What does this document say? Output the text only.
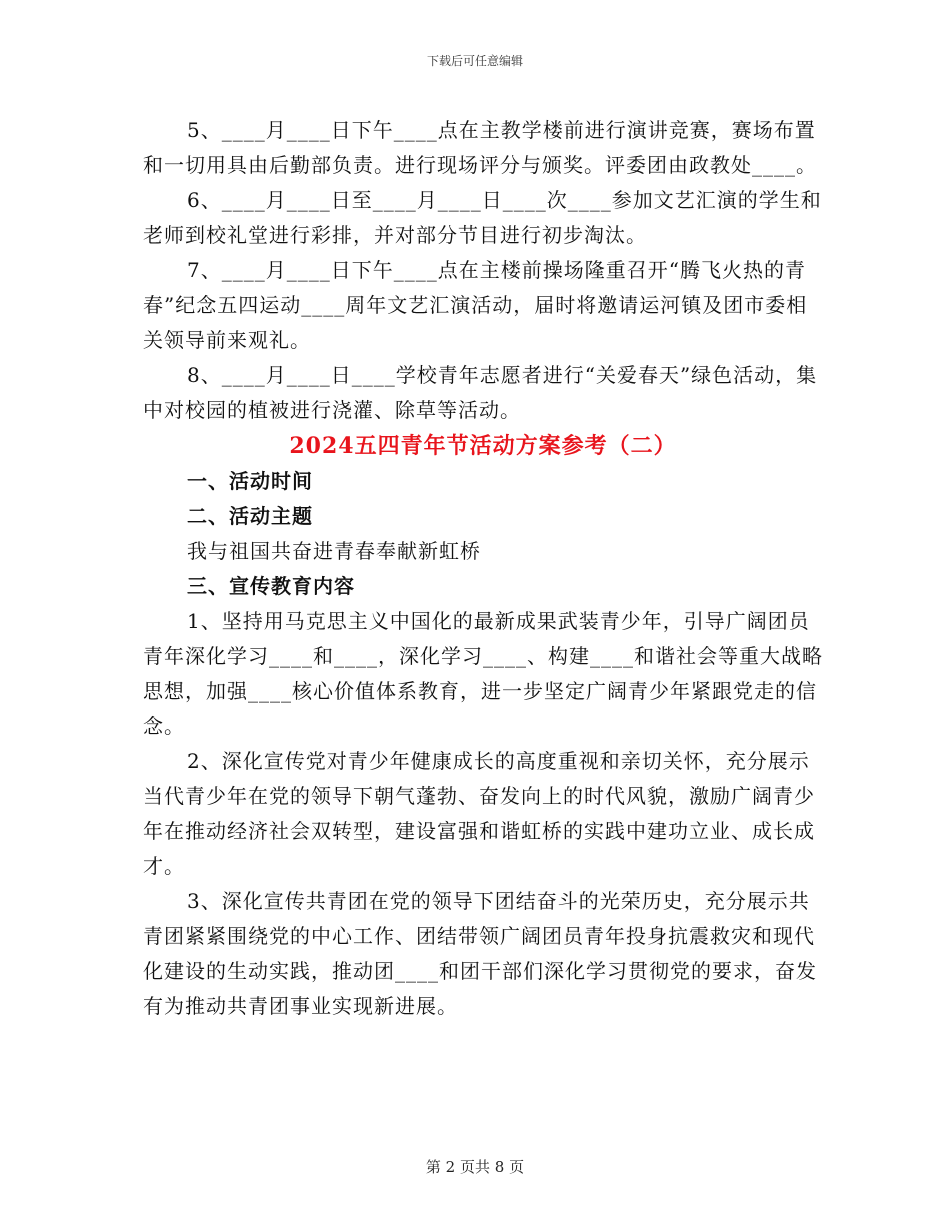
下载后可任意编辑

5、____月____日下午____点在主教学楼前进行演讲竞赛，赛场布置和一切用具由后勤部负责。进行现场评分与颁奖。评委团由政教处____。

6、____月____日至____月____日____次____参加文艺汇演的学生和老师到校礼堂进行彩排，并对部分节目进行初步淘汰。

7、____月____日下午____点在主楼前操场隆重召开“腾飞火热的青春”纪念五四运动____周年文艺汇演活动，届时将邀请运河镇及团市委相关领导前来观礼。

8、____月____日____学校青年志愿者进行“关爱春天”绿色活动，集中对校园的植被进行浇灌、除草等活动。

2024五四青年节活动方案参考（二）

一、活动时间

二、活动主题

我与祖国共奋进青春奉献新虹桥

三、宣传教育内容

1、坚持用马克思主义中国化的最新成果武装青少年，引导广阔团员青年深化学习____和____，深化学习____、构建____和谐社会等重大战略思想，加强____核心价值体系教育，进一步坚定广阔青少年紧跟党走的信念。

2、深化宣传党对青少年健康成长的高度重视和亲切关怀，充分展示当代青少年在党的领导下朝气蓬勃、奋发向上的时代风貌，激励广阔青少年在推动经济社会双转型，建设富强和谐虹桥的实践中建功立业、成长成才。

3、深化宣传共青团在党的领导下团结奋斗的光荣历史，充分展示共青团紧紧围绕党的中心工作、团结带领广阔团员青年投身抗震救灾和现代化建设的生动实践，推动团____和团干部们深化学习贯彻党的要求，奋发有为推动共青团事业实现新进展。

第 2 页共 8 页
